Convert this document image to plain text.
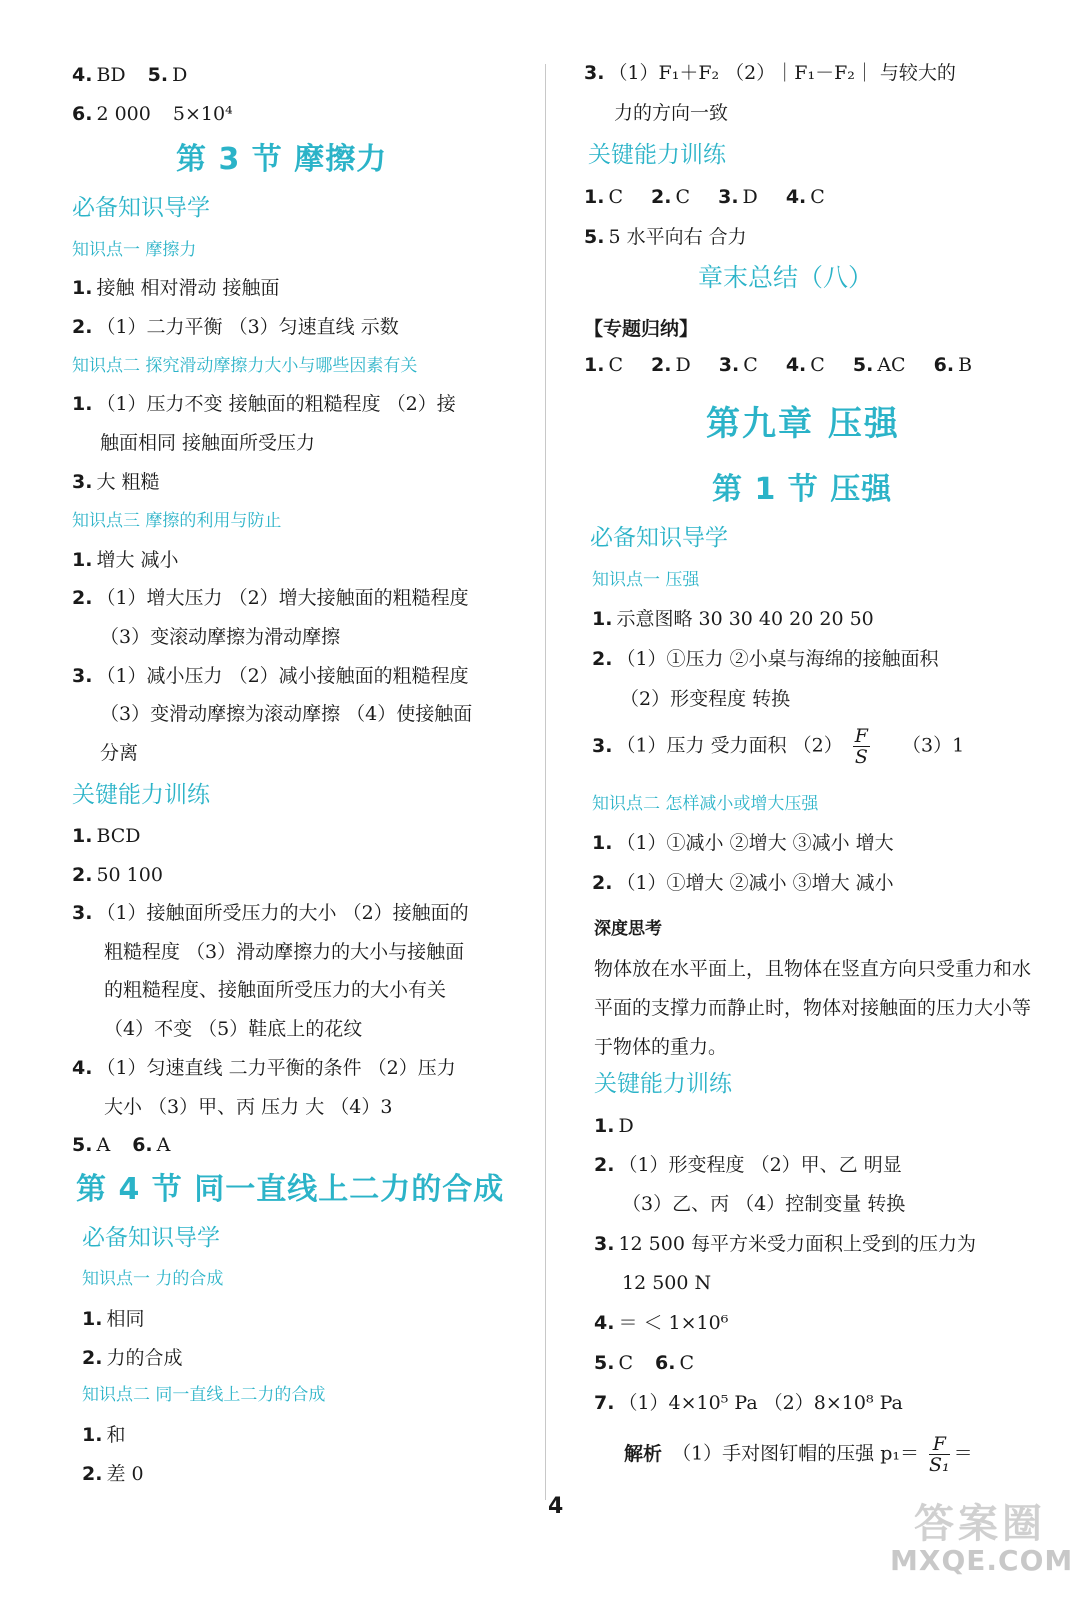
4. BD 5. D
6. 2 000 5×10⁴
第 3 节 摩擦力
必备知识导学
知识点一 摩擦力
1. 接触 相对滑动 接触面
2. （1）二力平衡 （3）匀速直线 示数
知识点二 探究滑动摩擦力大小与哪些因素有关
1. （1）压力不变 接触面的粗糙程度 （2）接
触面相同 接触面所受压力
3. 大 粗糙
知识点三 摩擦的利用与防止
1. 增大 减小
2. （1）增大压力 （2）增大接触面的粗糙程度
（3）变滚动摩擦为滑动摩擦
3. （1）减小压力 （2）减小接触面的粗糙程度
（3）变滑动摩擦为滚动摩擦 （4）使接触面
分离
关键能力训练
1. BCD
2. 50 100
3. （1）接触面所受压力的大小 （2）接触面的
粗糙程度 （3）滑动摩擦力的大小与接触面
的粗糙程度、接触面所受压力的大小有关
（4）不变 （5）鞋底上的花纹
4. （1）匀速直线 二力平衡的条件 （2）压力
大小 （3）甲、丙 压力 大 （4）3
5. A 6. A
第 4 节 同一直线上二力的合成
必备知识导学
知识点一 力的合成
1. 相同
2. 力的合成
知识点二 同一直线上二力的合成
1. 和
2. 差 0
3. （1）F₁＋F₂ （2）｜F₁－F₂｜ 与较大的
力的方向一致
关键能力训练
1. C 2. C 3. D 4. C
5. 5 水平向右 合力
章末总结（八）
【专题归纳】
1. C 2. D 3. C 4. C 5. AC 6. B
第九章 压强
第 1 节 压强
必备知识导学
知识点一 压强
1. 示意图略 30 30 40 20 20 50
2. （1）①压力 ②小桌与海绵的接触面积
（2）形变程度 转换
3. （1）压力 受力面积 $(2) \frac{F}{S} (3)1$
知识点二 怎样减小或增大压强
1. （1）①减小 ②增大 ③减小 增大
2. （1）①增大 ②减小 ③增大 减小
深度思考
物体放在水平面上，且物体在竖直方向只受重力和水平面的支撑力而静止时，物体对接触面的压力大小等于物体的重力。
关键能力训练
1. D
2. （1）形变程度 （2）甲、乙 明显
（3）乙、丙 （4）控制变量 转换
3. 12 500 每平方米受力面积上受到的压力为
12 500 N
4. ＝ ＜ 1×10⁶
5. C 6. C
7. （1）4×10⁵ Pa （2）8×10⁸ Pa
解析 （1）手对图钉帽的压强 $p_1= \frac{F}{\text{S₁}}$ ＝
4	答案圈
MXQE.COM
